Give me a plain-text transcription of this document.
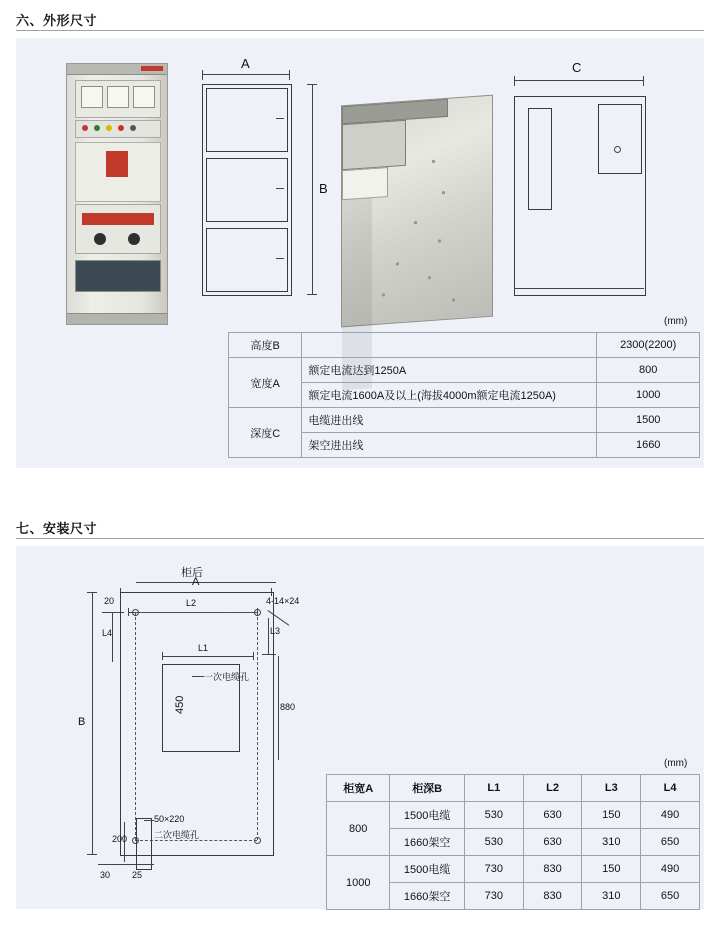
六、外形尺寸
A
B
C
(mm)
高度B		2300(2200)
宽度A	额定电流达到1250A	800
	额定电流1600A及以上(海拔4000m额定电流1250A)	1000
深度C	电缆进出线	1500
	架空进出线	1660
七、安装尺寸
柜后
A
20	L2	4-14×24
L3
L4
L1
450
一次电缆孔
880
B
50×220
二次电缆孔
200
30 25
(mm)
柜宽A	柜深B	L1	L2	L3	L4
800	1500电缆	530	630	150	490
	1660架空	530	630	310	650
1000	1500电缆	730	830	150	490
	1660架空	730	830	310	650
